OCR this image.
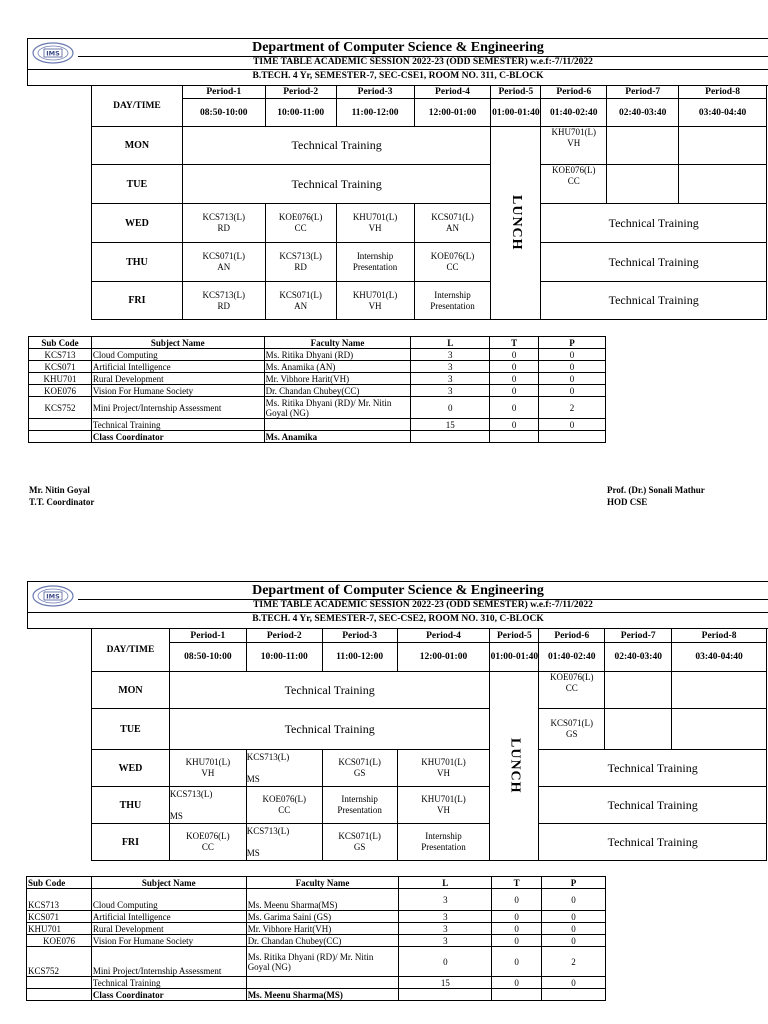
IMS	Department of Computer Science & Engineering
TIME TABLE ACADEMIC SESSION 2022-23 (ODD SEMESTER) w.e.f:-7/11/2022
B.TECH. 4 Yr, SEMESTER-7, SEC-CSE1, ROOM NO. 311, C-BLOCK
DAY/TIME	Period-1	Period-2	Period-3	Period-4	Period-5	Period-6	Period-7	Period-8
	08:50-10:00	10:00-11:00	11:00-12:00	12:00-01:00	01:00-01:40	01:40-02:40	02:40-03:40	03:40-04:40
MON	Technical Training				LUNCH	KHU701(L)
VH		
TUE	Technical Training					KOE076(L)
CC		
WED	KCS713(L)
RD	KOE076(L)
CC	KHU701(L)
VH	KCS071(L)
AN		Technical Training		
THU	KCS071(L)
AN	KCS713(L)
RD	Internship
Presentation	KOE076(L)
CC		Technical Training		
FRI	KCS713(L)
RD	KCS071(L)
AN	KHU701(L)
VH	Internship
Presentation		Technical Training		
Sub Code	Subject Name	Faculty Name	L	T	P
KCS713	Cloud Computing	Ms. Ritika Dhyani (RD)	3	0	0
KCS071	Artificial Intelligence	Ms. Anamika (AN)	3	0	0
KHU701	Rural Development	Mr. Vibhore Harit(VH)	3	0	0
KOE076	Vision For Humane Society	Dr. Chandan Chubey(CC)	3	0	0
KCS752	Mini Project/Internship Assessment	Ms. Ritika Dhyani (RD)/ Mr. Nitin Goyal (NG)	0	0	2
	Technical Training		15	0	0
	Class Coordinator	Ms. Anamika			
Mr. Nitin Goyal
T.T. Coordinator
Prof. (Dr.) Sonali Mathur
HOD CSE
IMS	Department of Computer Science & Engineering
TIME TABLE ACADEMIC SESSION 2022-23 (ODD SEMESTER) w.e.f:-7/11/2022
B.TECH. 4 Yr, SEMESTER-7, SEC-CSE2, ROOM NO. 310, C-BLOCK
DAY/TIME	Period-1	Period-2	Period-3	Period-4	Period-5	Period-6	Period-7	Period-8
	08:50-10:00	10:00-11:00	11:00-12:00	12:00-01:00	01:00-01:40	01:40-02:40	02:40-03:40	03:40-04:40
MON	Technical Training				LUNCH	KOE076(L)
CC		
TUE	Technical Training					KCS071(L)
GS		
WED	KHU701(L)
VH	KCS713(L)

MS	KCS071(L)
GS	KHU701(L)
VH		Technical Training		
THU	KCS713(L)

MS	KOE076(L)
CC	Internship
Presentation	KHU701(L)
VH		Technical Training		
FRI	KOE076(L)
CC	KCS713(L)

MS	KCS071(L)
GS	Internship
Presentation		Technical Training		
Sub Code	Subject Name	Faculty Name	L	T	P
KCS713	Cloud Computing	Ms. Meenu Sharma(MS)	3	0	0
KCS071	Artificial Intelligence	Ms. Garima Saini (GS)	3	0	0
KHU701	Rural Development	Mr. Vibhore Harit(VH)	3	0	0
KOE076	Vision For Humane Society	Dr. Chandan Chubey(CC)	3	0	0
KCS752	Mini Project/Internship Assessment	Ms. Ritika Dhyani (RD)/ Mr. Nitin Goyal (NG)	0	0	2
	Technical Training		15	0	0
	Class Coordinator	Ms. Meenu Sharma(MS)			
